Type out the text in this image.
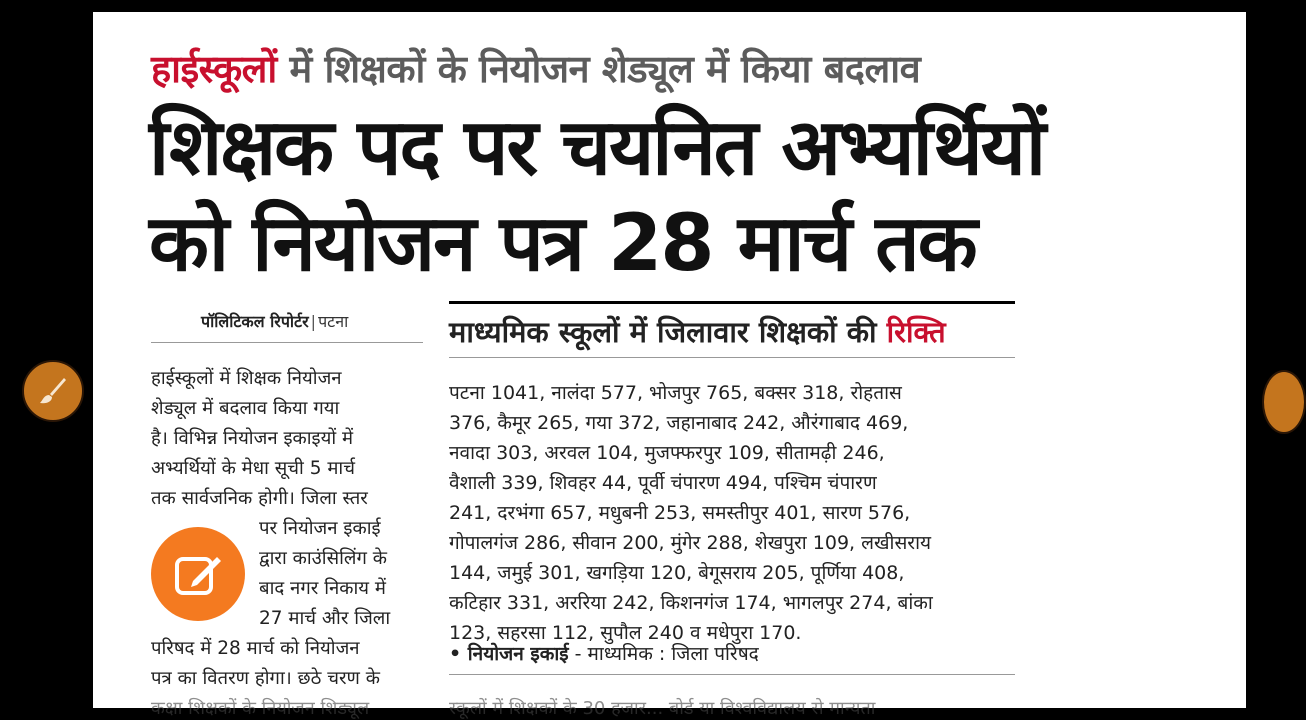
हाईस्कूलों में शिक्षकों के नियोजन शेड्यूल में किया बदलाव
शिक्षक पद पर चयनित अभ्यर्थियों
को नियोजन पत्र 28 मार्च तक
पॉलिटिकल रिपोर्टर | पटना
हाईस्कूलों में शिक्षक नियोजन
शेड्यूल में बदलाव किया गया
है। विभिन्न नियोजन इकाइयों में
अभ्यर्थियों के मेधा सूची 5 मार्च
तक सार्वजनिक होगी। जिला स्तर
पर नियोजन इकाई
द्वारा काउंसिलिंग के
बाद नगर निकाय में
27 मार्च और जिला
परिषद में 28 मार्च को नियोजन
पत्र का वितरण होगा। छठे चरण के
माध्यमिक स्कूलों में जिलावार शिक्षकों की रिक्ति
पटना 1041, नालंदा 577, भोजपुर 765, बक्सर 318, रोहतास
376, कैमूर 265, गया 372, जहानाबाद 242, औरंगाबाद 469,
नवादा 303, अरवल 104, मुजफ्फरपुर 109, सीतामढ़ी 246,
वैशाली 339, शिवहर 44, पूर्वी चंपारण 494, पश्चिम चंपारण
241, दरभंगा 657, मधुबनी 253, समस्तीपुर 401, सारण 576,
गोपालगंज 286, सीवान 200, मुंगेर 288, शेखपुरा 109, लखीसराय
144, जमुई 301, खगड़िया 120, बेगूसराय 205, पूर्णिया 408,
कटिहार 331, अररिया 242, किशनगंज 174, भागलपुर 274, बांका
123, सहरसा 112, सुपौल 240 व मधेपुरा 170.
• नियोजन इकाई - माध्यमिक : जिला परिषद
कक्षा शिक्षकों के नियोजन शिड्यूल	स्कूलों में शिक्षकों के 30 हजार... बोर्ड या विश्वविद्यालय से मान्यता
